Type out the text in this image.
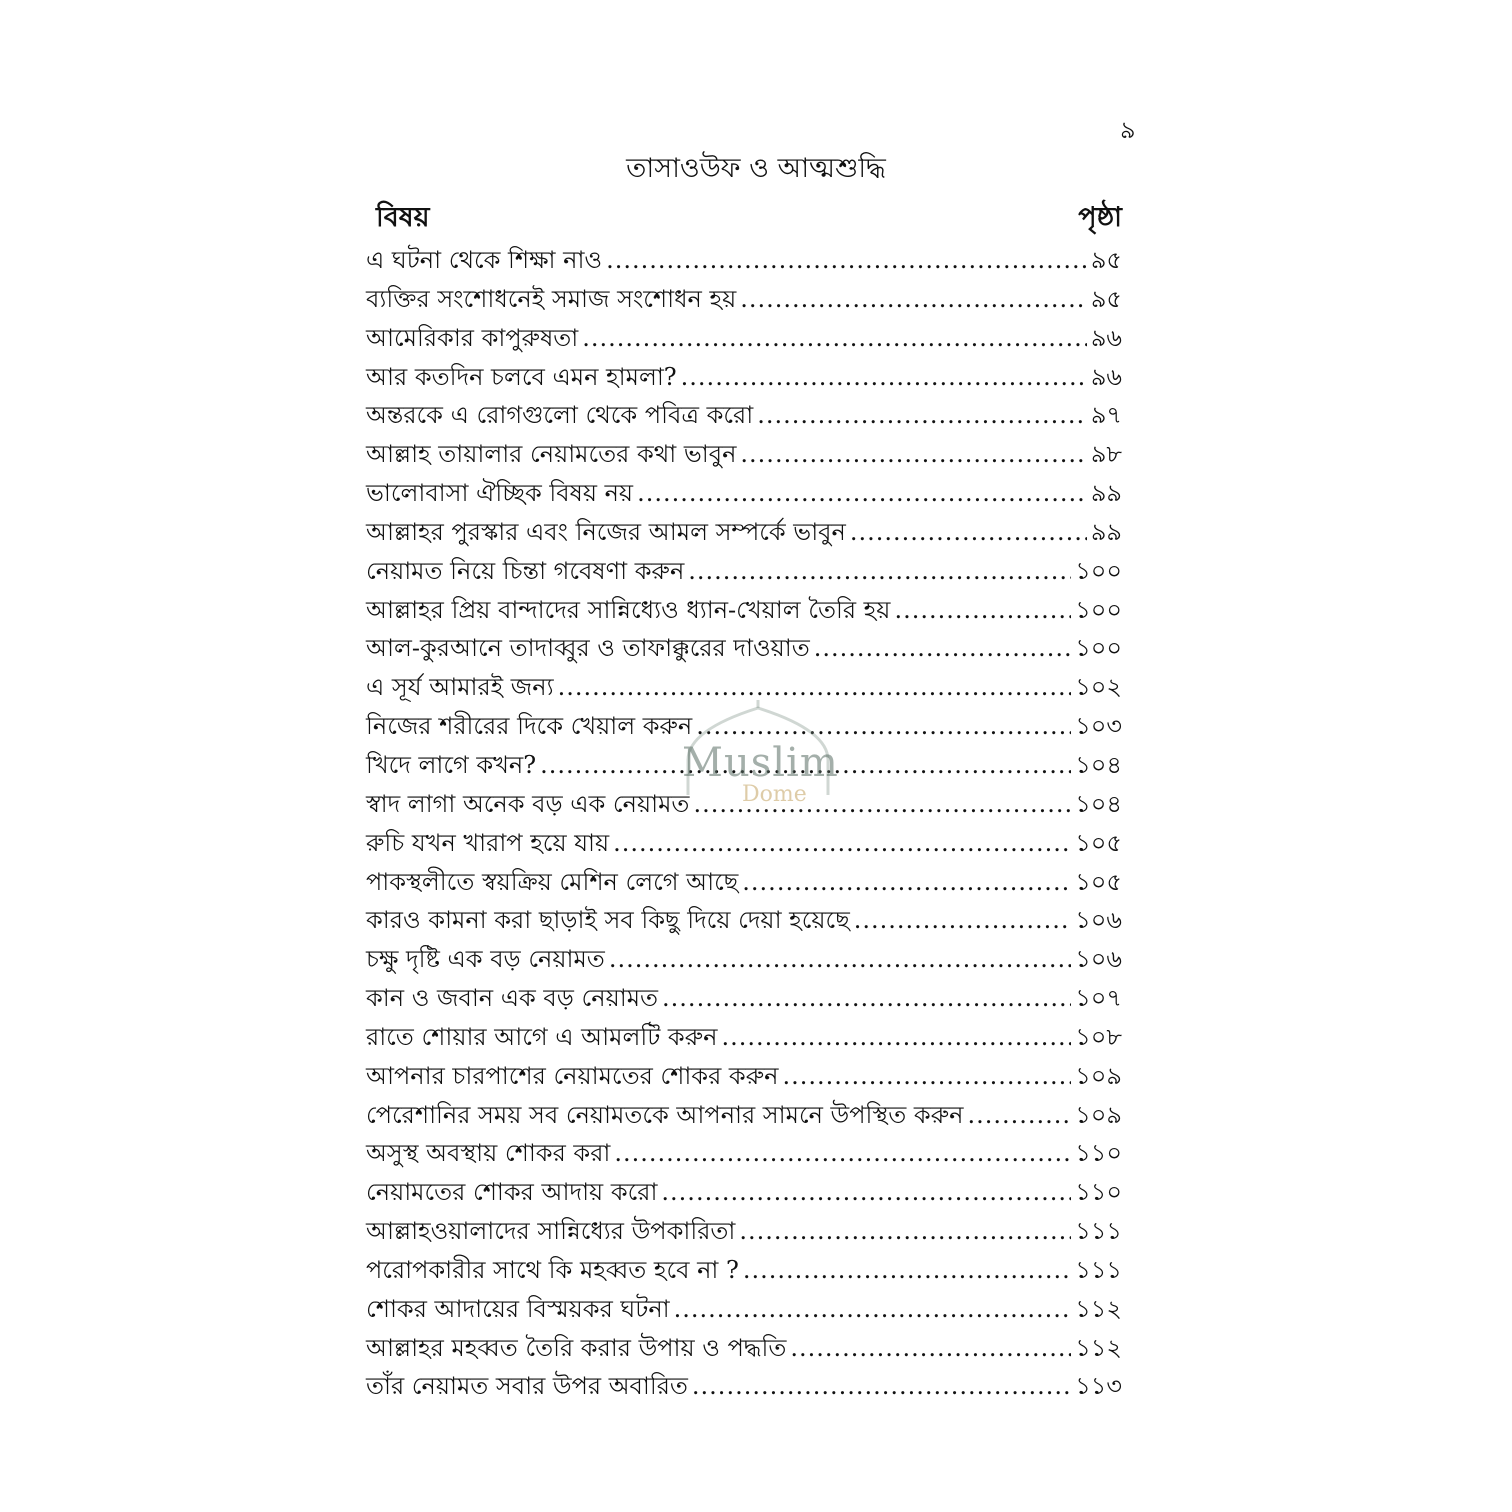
৯
তাসাওউফ ও আত্মশুদ্ধি
বিষয়	পৃষ্ঠা
এ ঘটনা থেকে শিক্ষা নাও .....	৯৫
ব্যক্তির সংশোধনেই সমাজ সংশোধন হয় .....	৯৫
আমেরিকার কাপুরুষতা .....	৯৬
আর কতদিন চলবে এমন হামলা? .....	৯৬
অন্তরকে এ রোগগুলো থেকে পবিত্র করো .....	৯৭
আল্লাহ তায়ালার নেয়ামতের কথা ভাবুন .....	৯৮
ভালোবাসা ঐচ্ছিক বিষয় নয় .....	৯৯
আল্লাহর পুরস্কার এবং নিজের আমল সম্পর্কে ভাবুন .....	৯৯
নেয়ামত নিয়ে চিন্তা গবেষণা করুন .....	১০০
আল্লাহর প্রিয় বান্দাদের সান্নিধ্যেও ধ্যান-খেয়াল তৈরি হয় .....	১০০
আল-কুরআনে তাদাব্বুর ও তাফাক্কুরের দাওয়াত .....	১০০
এ সূর্য আমারই জন্য .....	১০২
নিজের শরীরের দিকে খেয়াল করুন .....	১০৩
খিদে লাগে কখন? .....	১০৪
স্বাদ লাগা অনেক বড় এক নেয়ামত .....	১০৪
রুচি যখন খারাপ হয়ে যায় .....	১০৫
পাকস্থলীতে স্বয়ক্রিয় মেশিন লেগে আছে .....	১০৫
কারও কামনা করা ছাড়াই সব কিছু দিয়ে দেয়া হয়েছে .....	১০৬
চক্ষু দৃষ্টি এক বড় নেয়ামত .....	১০৬
কান ও জবান এক বড় নেয়ামত .....	১০৭
রাতে শোয়ার আগে এ আমলটি করুন .....	১০৮
আপনার চারপাশের নেয়ামতের শোকর করুন .....	১০৯
পেরেশানির সময় সব নেয়ামতকে আপনার সামনে উপস্থিত করুন .....	১০৯
অসুস্থ অবস্থায় শোকর করা .....	১১০
নেয়ামতের শোকর আদায় করো .....	১১০
আল্লাহওয়ালাদের সান্নিধ্যের উপকারিতা .....	১১১
পরোপকারীর সাথে কি মহব্বত হবে না ? .....	১১১
শোকর আদায়ের বিস্ময়কর ঘটনা .....	১১২
আল্লাহর মহব্বত তৈরি করার উপায় ও পদ্ধতি .....	১১২
তাঁর নেয়ামত সবার উপর অবারিত .....	১১৩
Muslim
Dome
